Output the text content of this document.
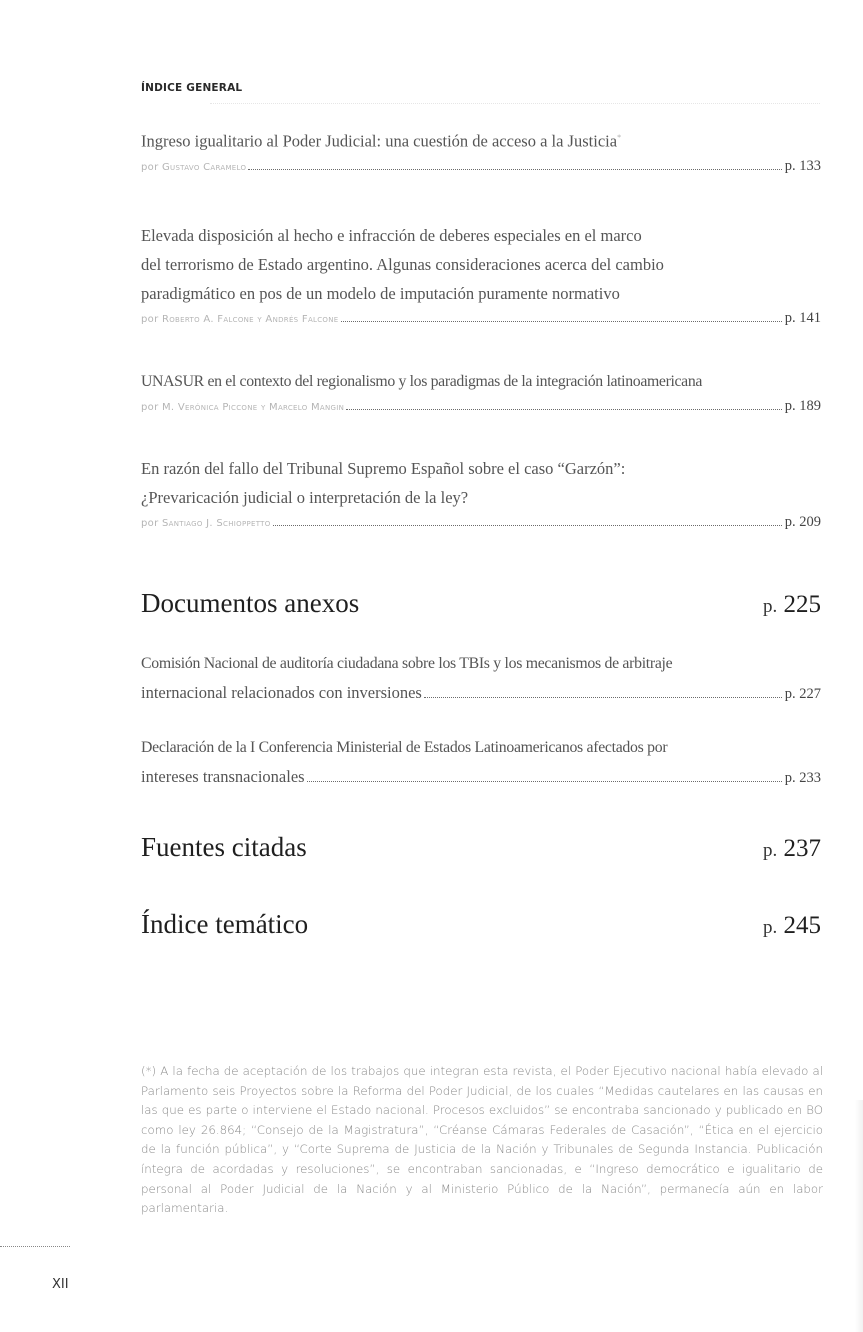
ÍNDICE GENERAL
Ingreso igualitario al Poder Judicial: una cuestión de acceso a la Justicia*
por Gustavo Caramelo	p. 133
Elevada disposición al hecho e infracción de deberes especiales en el marco
del terrorismo de Estado argentino. Algunas consideraciones acerca del cambio
paradigmático en pos de un modelo de imputación puramente normativo
por Roberto A. Falcone y Andrés Falcone	p. 141
UNASUR en el contexto del regionalismo y los paradigmas de la integración latinoamericana
por M. Verónica Piccone y Marcelo Mangin	p. 189
En razón del fallo del Tribunal Supremo Español sobre el caso “Garzón”:
¿Prevaricación judicial o interpretación de la ley?
por Santiago J. Schioppetto	p. 209
Documentos anexos	p. 225
Comisión Nacional de auditoría ciudadana sobre los TBIs y los mecanismos de arbitraje
internacional relacionados con inversiones	p. 227
Declaración de la I Conferencia Ministerial de Estados Latinoamericanos afectados por
intereses transnacionales	p. 233
Fuentes citadas	p. 237
Índice temático	p. 245
(*) A la fecha de aceptación de los trabajos que integran esta revista, el Poder Ejecutivo nacional había elevado al Parlamento seis Proyectos sobre la Reforma del Poder Judicial, de los cuales “Medidas cautelares en las causas en las que es parte o interviene el Estado nacional. Procesos excluidos” se encontraba sancionado y publicado en BO como ley 26.864; “Consejo de la Magistratura”, “Créanse Cámaras Federales de Casación”, “Ética en el ejercicio de la función pública”, y “Corte Suprema de Justicia de la Nación y Tribunales de Segunda Instancia. Publicación íntegra de acordadas y resoluciones”, se encontraban sancionadas, e “Ingreso democrático e igualitario de personal al Poder Judicial de la Nación y al Ministerio Público de la Nación”, permanecía aún en labor parlamentaria.
XII
